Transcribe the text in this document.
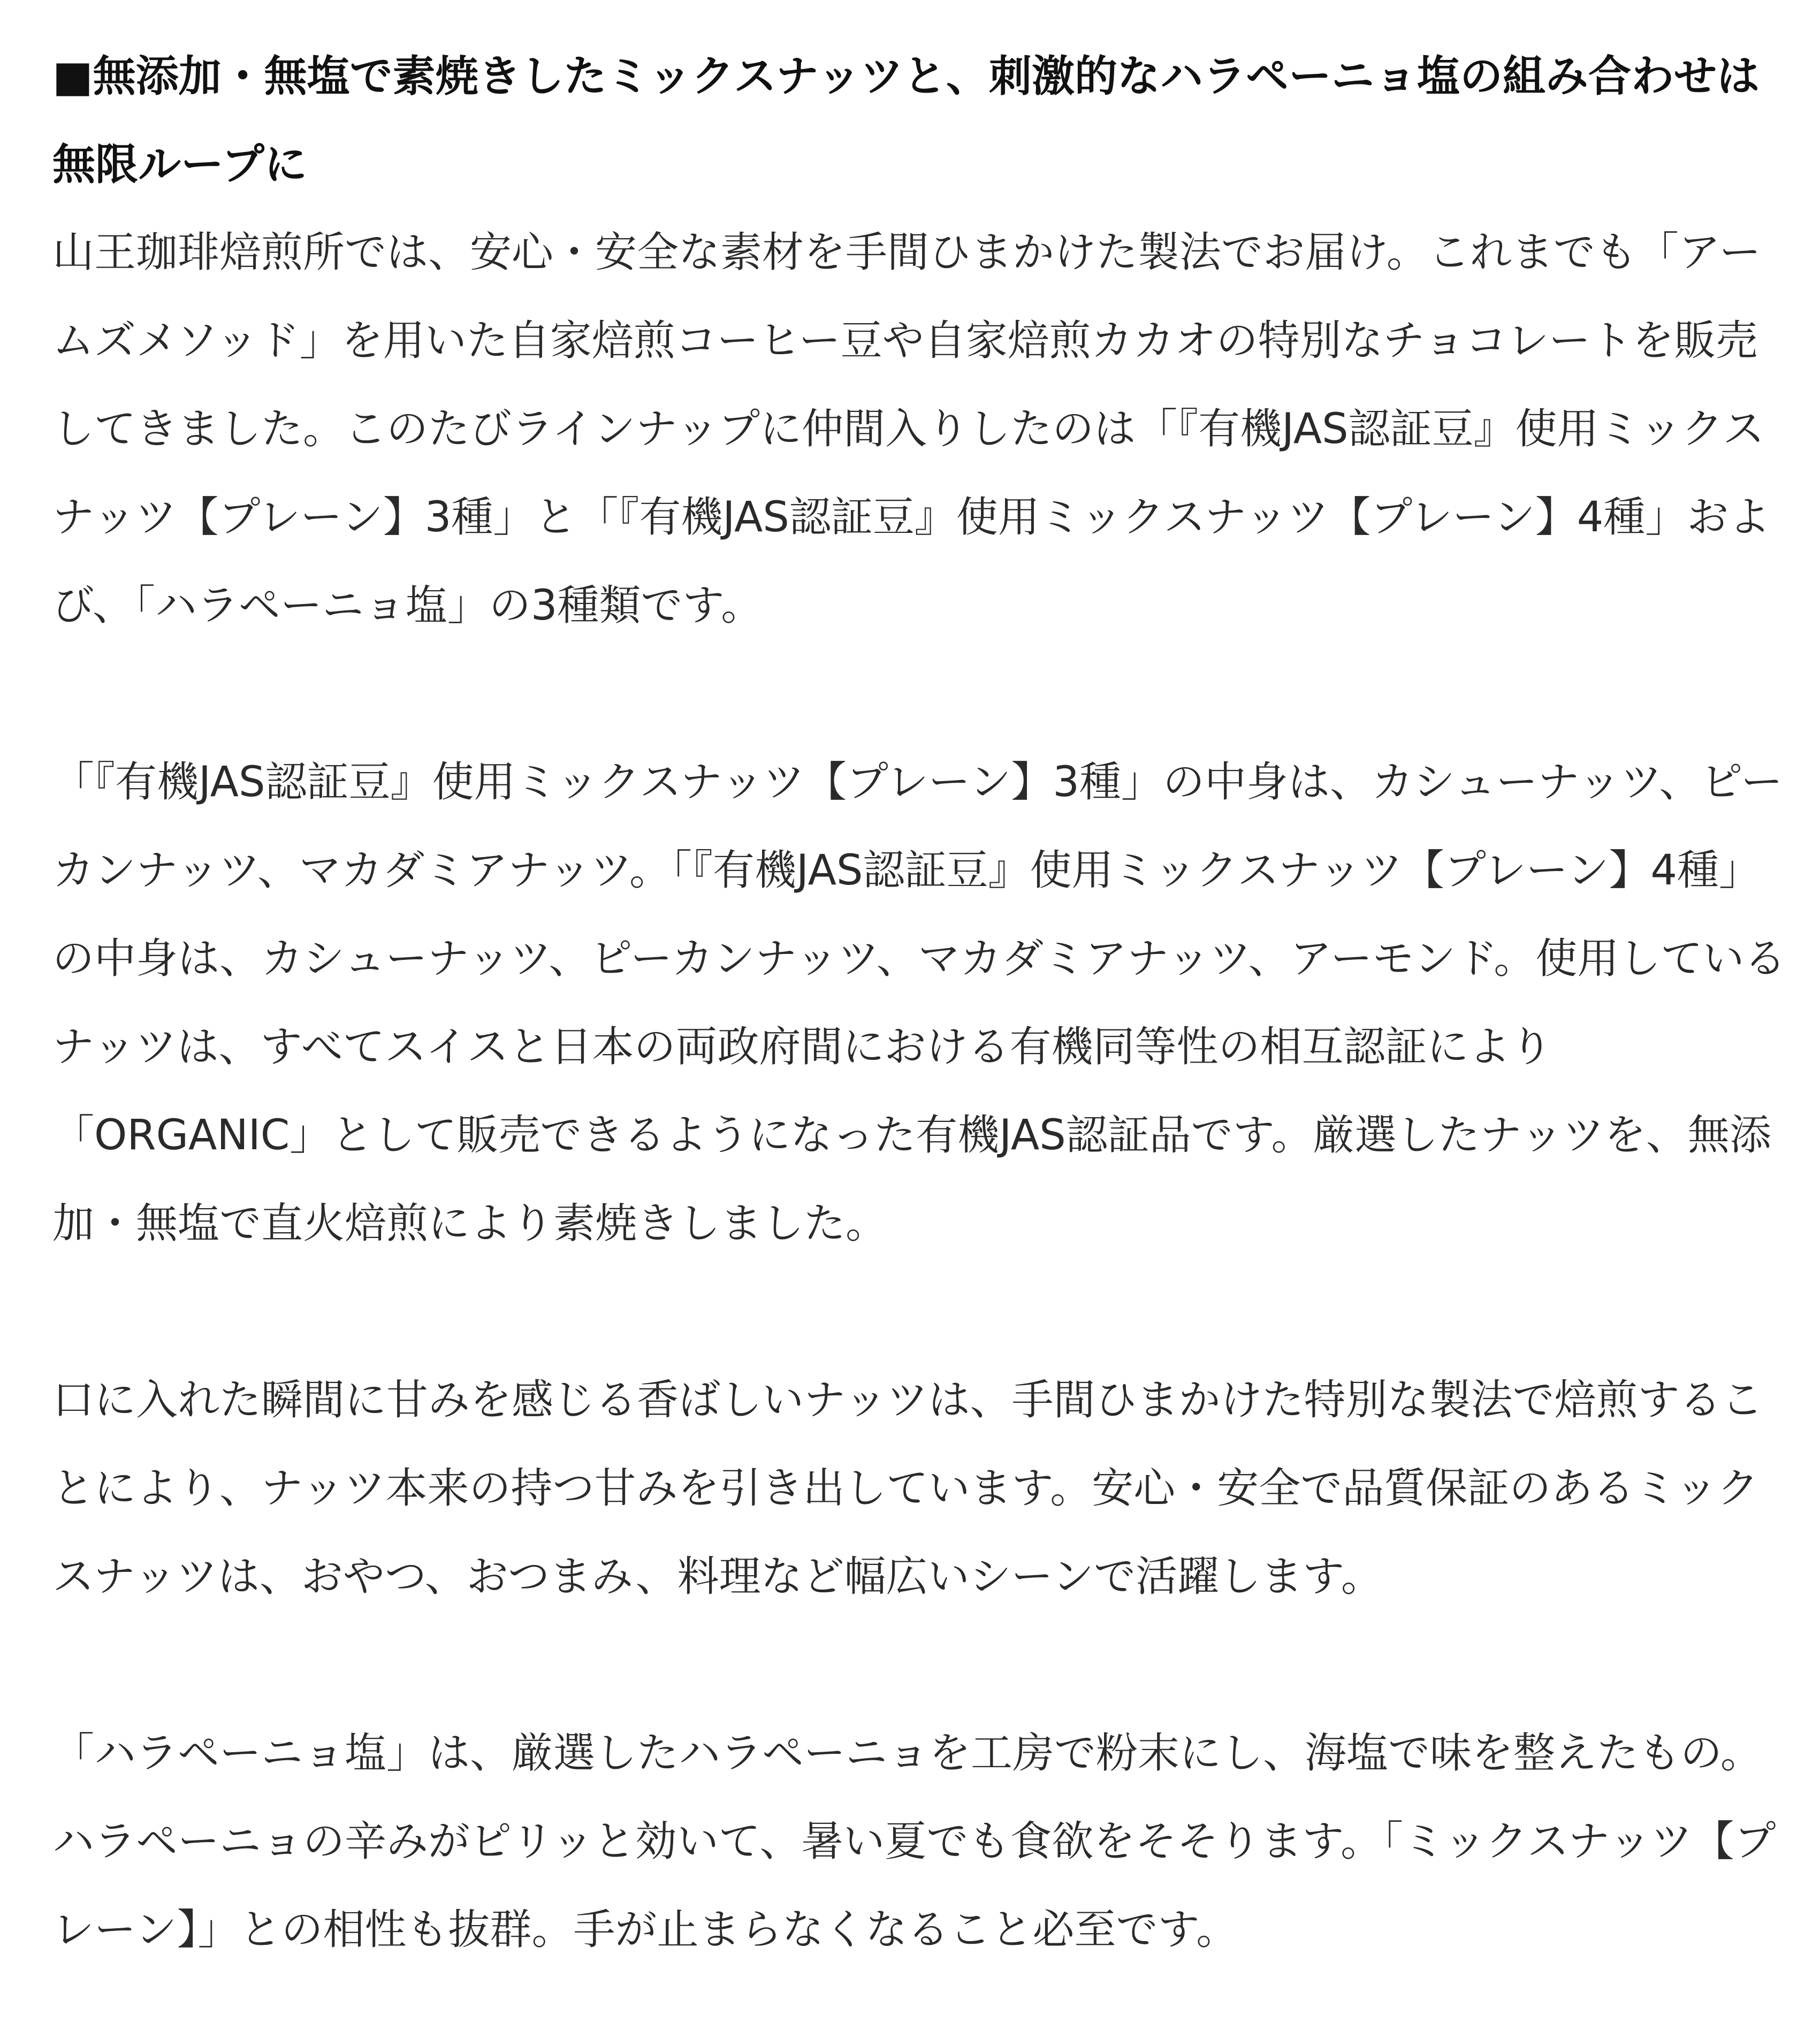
■無添加・無塩で素焼きしたミックスナッツと、刺激的なハラペーニョ塩の組み合わせは無限ループに

山王珈琲焙煎所では、安心・安全な素材を手間ひまかけた製法でお届け。これまでも「アームズメソッド」を用いた自家焙煎コーヒー豆や自家焙煎カカオの特別なチョコレートを販売してきました。このたびラインナップに仲間入りしたのは「『有機JAS認証豆』使用ミックスナッツ【プレーン】3種」と「『有機JAS認証豆』使用ミックスナッツ【プレーン】4種」および、「ハラペーニョ塩」の3種類です。

「『有機JAS認証豆』使用ミックスナッツ【プレーン】3種」の中身は、カシューナッツ、ピーカンナッツ、マカダミアナッツ。「『有機JAS認証豆』使用ミックスナッツ【プレーン】4種」の中身は、カシューナッツ、ピーカンナッツ、マカダミアナッツ、アーモンド。使用しているナッツは、すべてスイスと日本の両政府間における有機同等性の相互認証により「ORGANIC」として販売できるようになった有機JAS認証品です。厳選したナッツを、無添加・無塩で直火焙煎により素焼きしました。

口に入れた瞬間に甘みを感じる香ばしいナッツは、手間ひまかけた特別な製法で焙煎することにより、ナッツ本来の持つ甘みを引き出しています。安心・安全で品質保証のあるミックスナッツは、おやつ、おつまみ、料理など幅広いシーンで活躍します。

「ハラペーニョ塩」は、厳選したハラペーニョを工房で粉末にし、海塩で味を整えたもの。ハラペーニョの辛みがピリッと効いて、暑い夏でも食欲をそそります。「ミックスナッツ【プレーン】」との相性も抜群。手が止まらなくなること必至です。
